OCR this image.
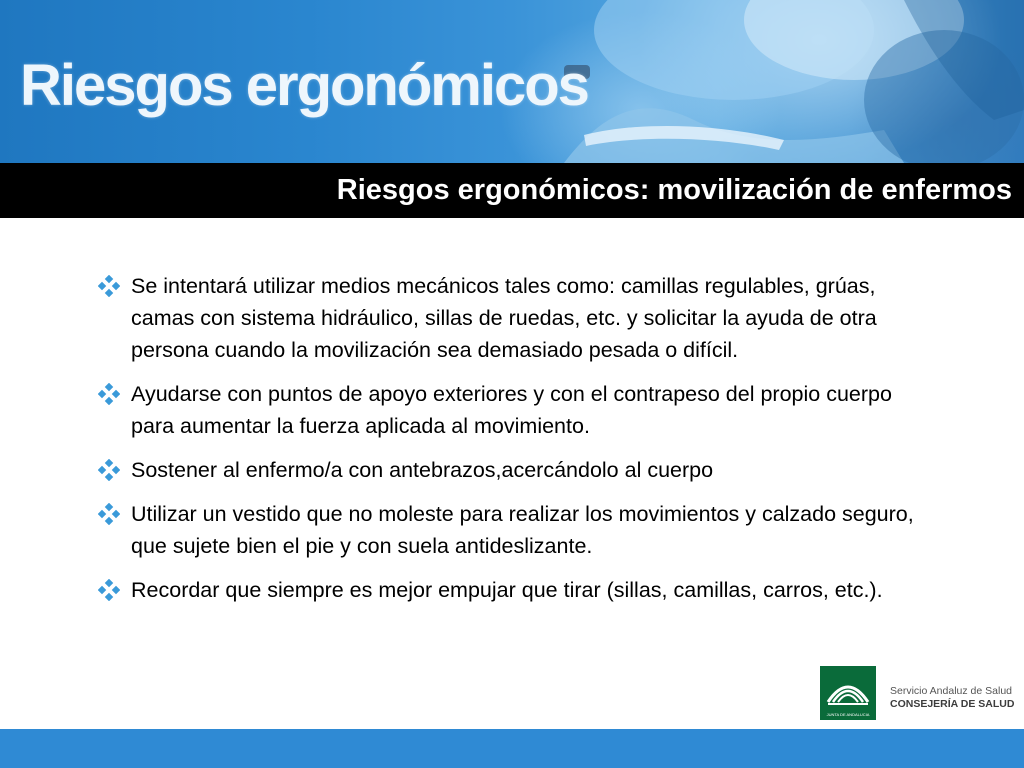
Riesgos ergonómicos
Riesgos ergonómicos: movilización de enfermos
Se intentará utilizar medios mecánicos tales como: camillas regulables, grúas, camas con sistema hidráulico, sillas de ruedas, etc. y solicitar la ayuda de otra persona cuando la movilización sea demasiado pesada o difícil.
Ayudarse con puntos de apoyo exteriores y con el contrapeso del propio cuerpo para aumentar la fuerza aplicada al movimiento.
Sostener al enfermo/a con antebrazos,acercándolo al cuerpo
Utilizar un vestido que no moleste para realizar los movimientos y calzado seguro, que sujete bien el pie y con suela antideslizante.
Recordar que siempre es mejor empujar que tirar (sillas, camillas, carros, etc.).
JUNTA DE ANDALUCIA
Servicio Andaluz de Salud
CONSEJERÍA DE SALUD
